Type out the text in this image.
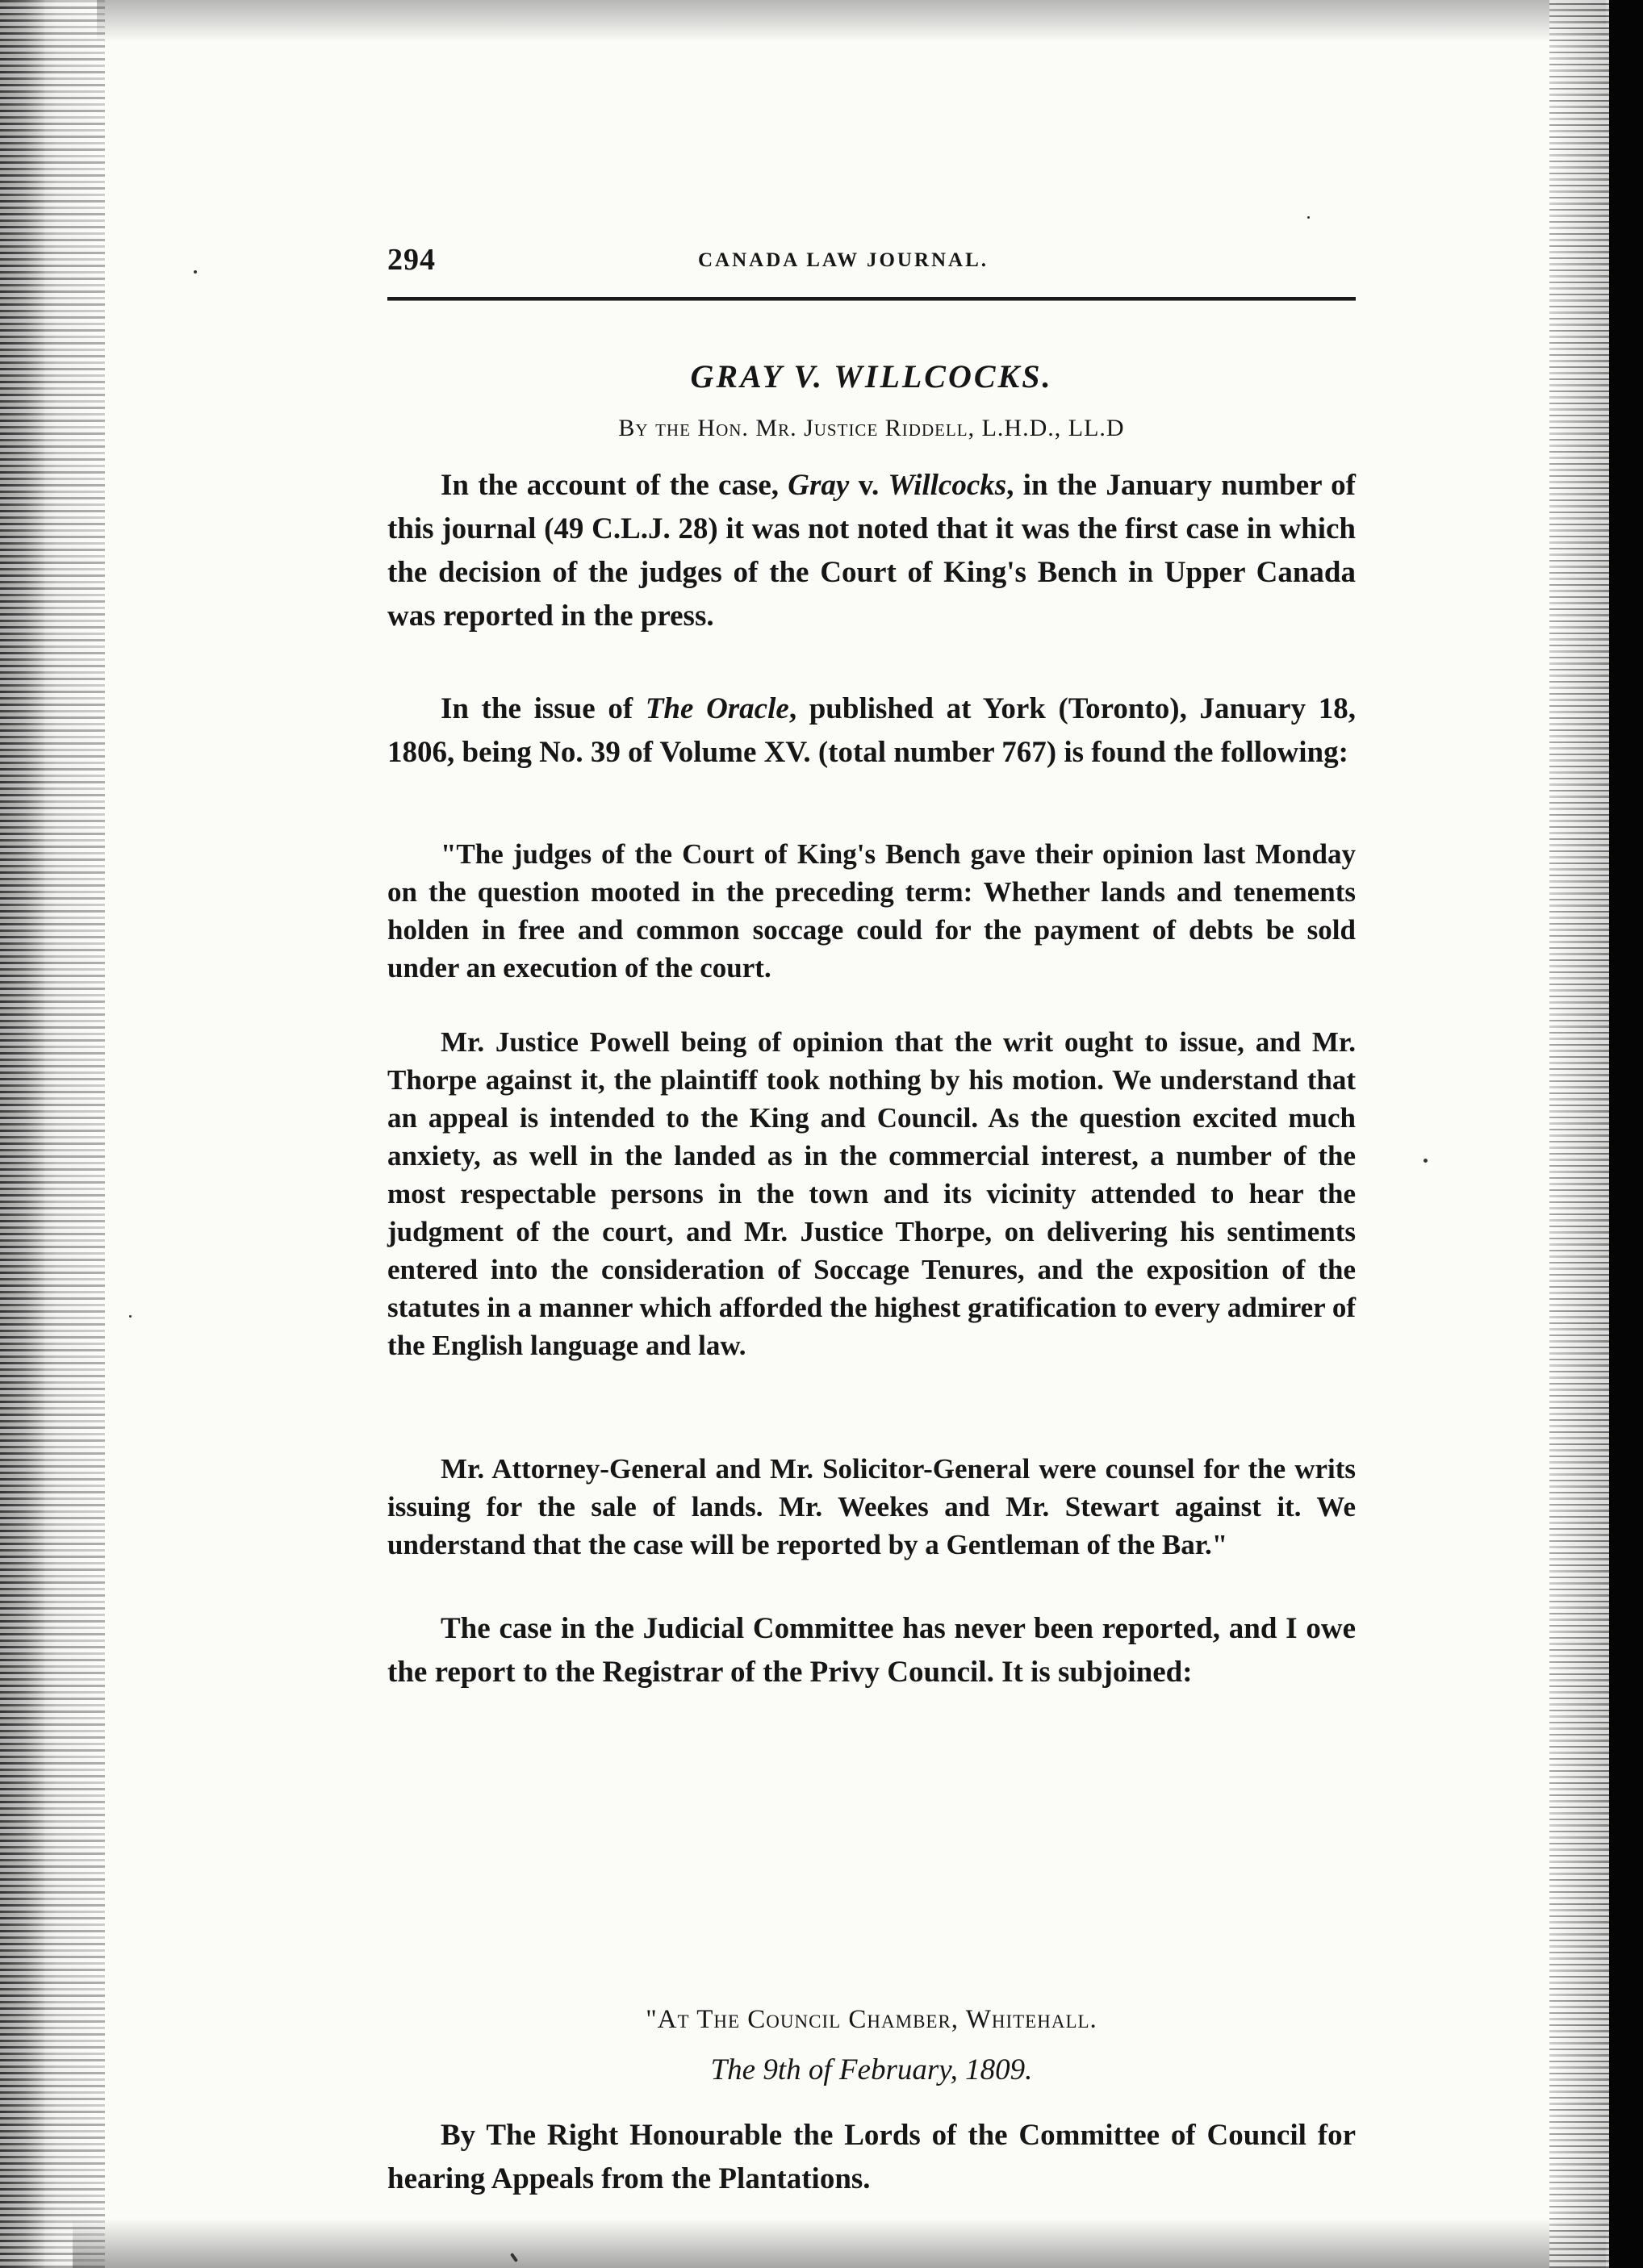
294	CANADA LAW JOURNAL.
GRAY V. WILLCOCKS.
By the Hon. Mr. Justice Riddell, L.H.D., LL.D

In the account of the case, Gray v. Willcocks, in the January number of this journal (49 C.L.J. 28) it was not noted that it was the first case in which the decision of the judges of the Court of King's Bench in Upper Canada was reported in the press.

In the issue of The Oracle, published at York (Toronto), January 18, 1806, being No. 39 of Volume XV. (total number 767) is found the following:

"The judges of the Court of King's Bench gave their opinion last Monday on the question mooted in the preceding term: Whether lands and tenements holden in free and common soccage could for the payment of debts be sold under an execution of the court.

Mr. Justice Powell being of opinion that the writ ought to issue, and Mr. Thorpe against it, the plaintiff took nothing by his motion. We understand that an appeal is intended to the King and Council. As the question excited much anxiety, as well in the landed as in the commercial interest, a number of the most respectable persons in the town and its vicinity attended to hear the judgment of the court, and Mr. Justice Thorpe, on delivering his sentiments entered into the consideration of Soccage Tenures, and the exposition of the statutes in a manner which afforded the highest gratification to every admirer of the English language and law.

Mr. Attorney-General and Mr. Solicitor-General were counsel for the writs issuing for the sale of lands. Mr. Weekes and Mr. Stewart against it. We understand that the case will be reported by a Gentleman of the Bar."

The case in the Judicial Committee has never been reported, and I owe the report to the Registrar of the Privy Council. It is subjoined:

"At The Council Chamber, Whitehall.
The 9th of February, 1809.

By The Right Honourable the Lords of the Committee of Council for hearing Appeals from the Plantations.
